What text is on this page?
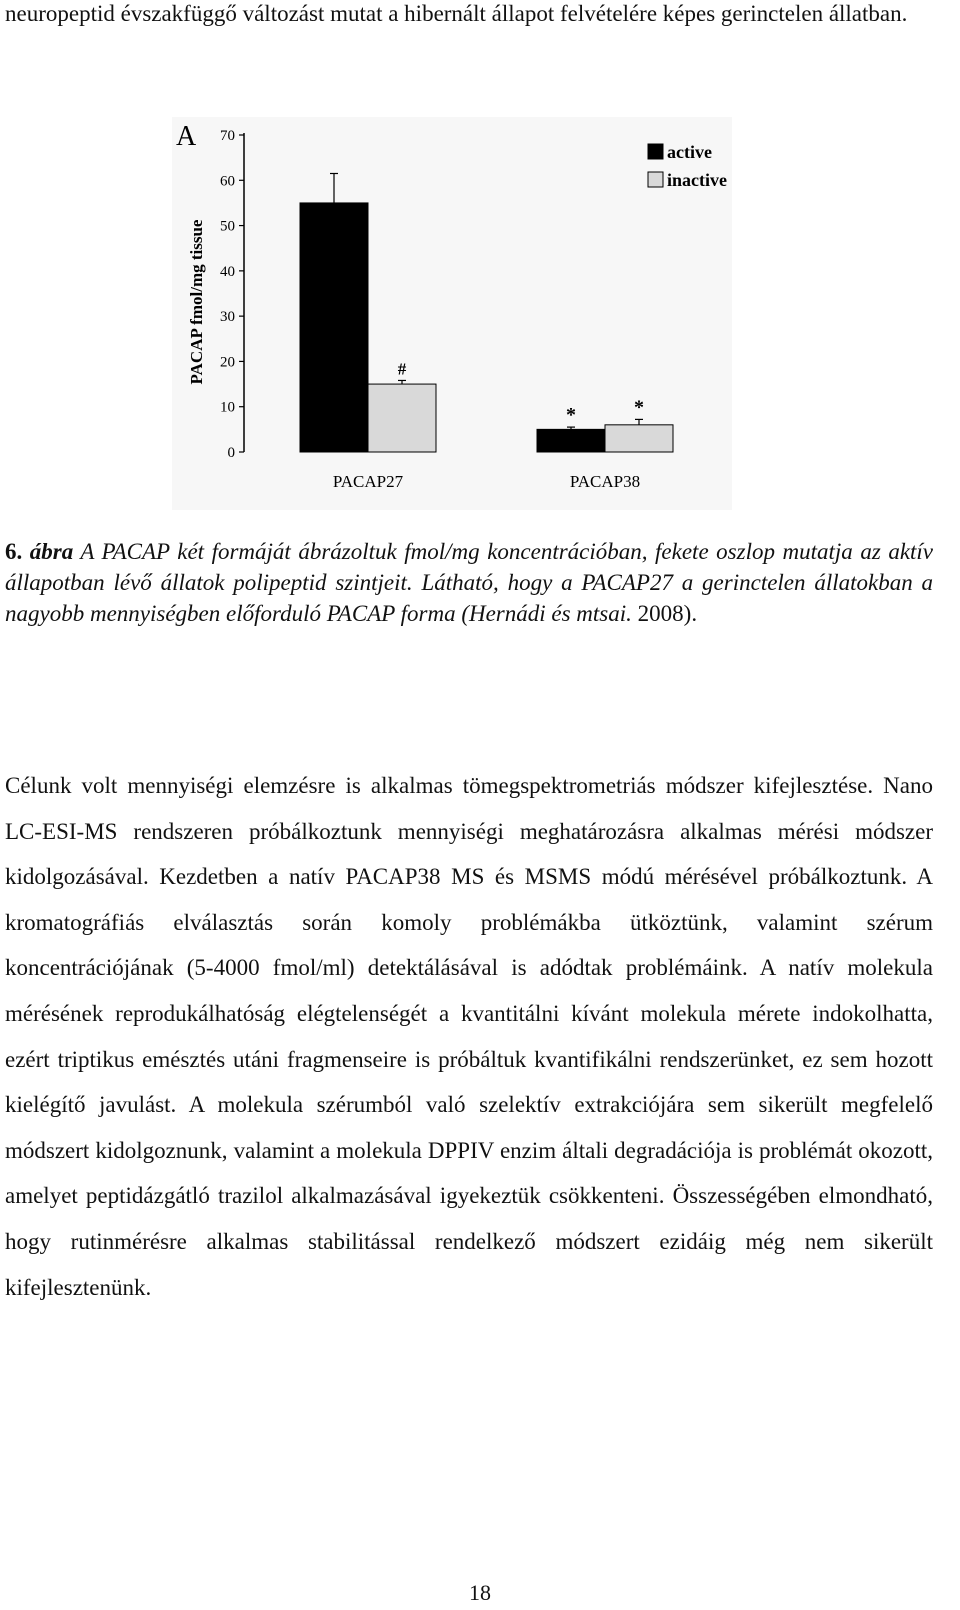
neuropeptid évszakfüggő változást mutat a hibernált állapot felvételére képes gerinctelen állatban.

A
PACAP fmol/mg tissue
0
10
20
30
40
50
60
70
#
*	*
PACAP27	PACAP38
active
inactive

6. ábra A PACAP két formáját ábrázoltuk fmol/mg koncentrációban, fekete oszlop mutatja az aktív állapotban lévő állatok polipeptid szintjeit. Látható, hogy a PACAP27 a gerinctelen állatokban a nagyobb mennyiségben előforduló PACAP forma (Hernádi és mtsai. 2008).

Célunk volt mennyiségi elemzésre is alkalmas tömegspektrometriás módszer kifejlesztése. Nano LC-ESI-MS rendszeren próbálkoztunk mennyiségi meghatározásra alkalmas mérési módszer kidolgozásával. Kezdetben a natív PACAP38 MS és MSMS módú mérésével próbálkoztunk. A kromatográfiás elválasztás során komoly problémákba ütköztünk, valamint szérum koncentrációjának (5-4000 fmol/ml) detektálásával is adódtak problémáink. A natív molekula mérésének reprodukálhatóság elégtelenségét a kvantitálni kívánt molekula mérete indokolhatta, ezért triptikus emésztés utáni fragmenseire is próbáltuk kvantifikálni rendszerünket, ez sem hozott kielégítő javulást. A molekula szérumból való szelektív extrakciójára sem sikerült megfelelő módszert kidolgoznunk, valamint a molekula DPPIV enzim általi degradációja is problémát okozott, amelyet peptidázgátló trazilol alkalmazásával igyekeztük csökkenteni. Összességében elmondható, hogy rutinmérésre alkalmas stabilitással rendelkező módszert ezidáig még nem sikerült kifejlesztenünk.

18
